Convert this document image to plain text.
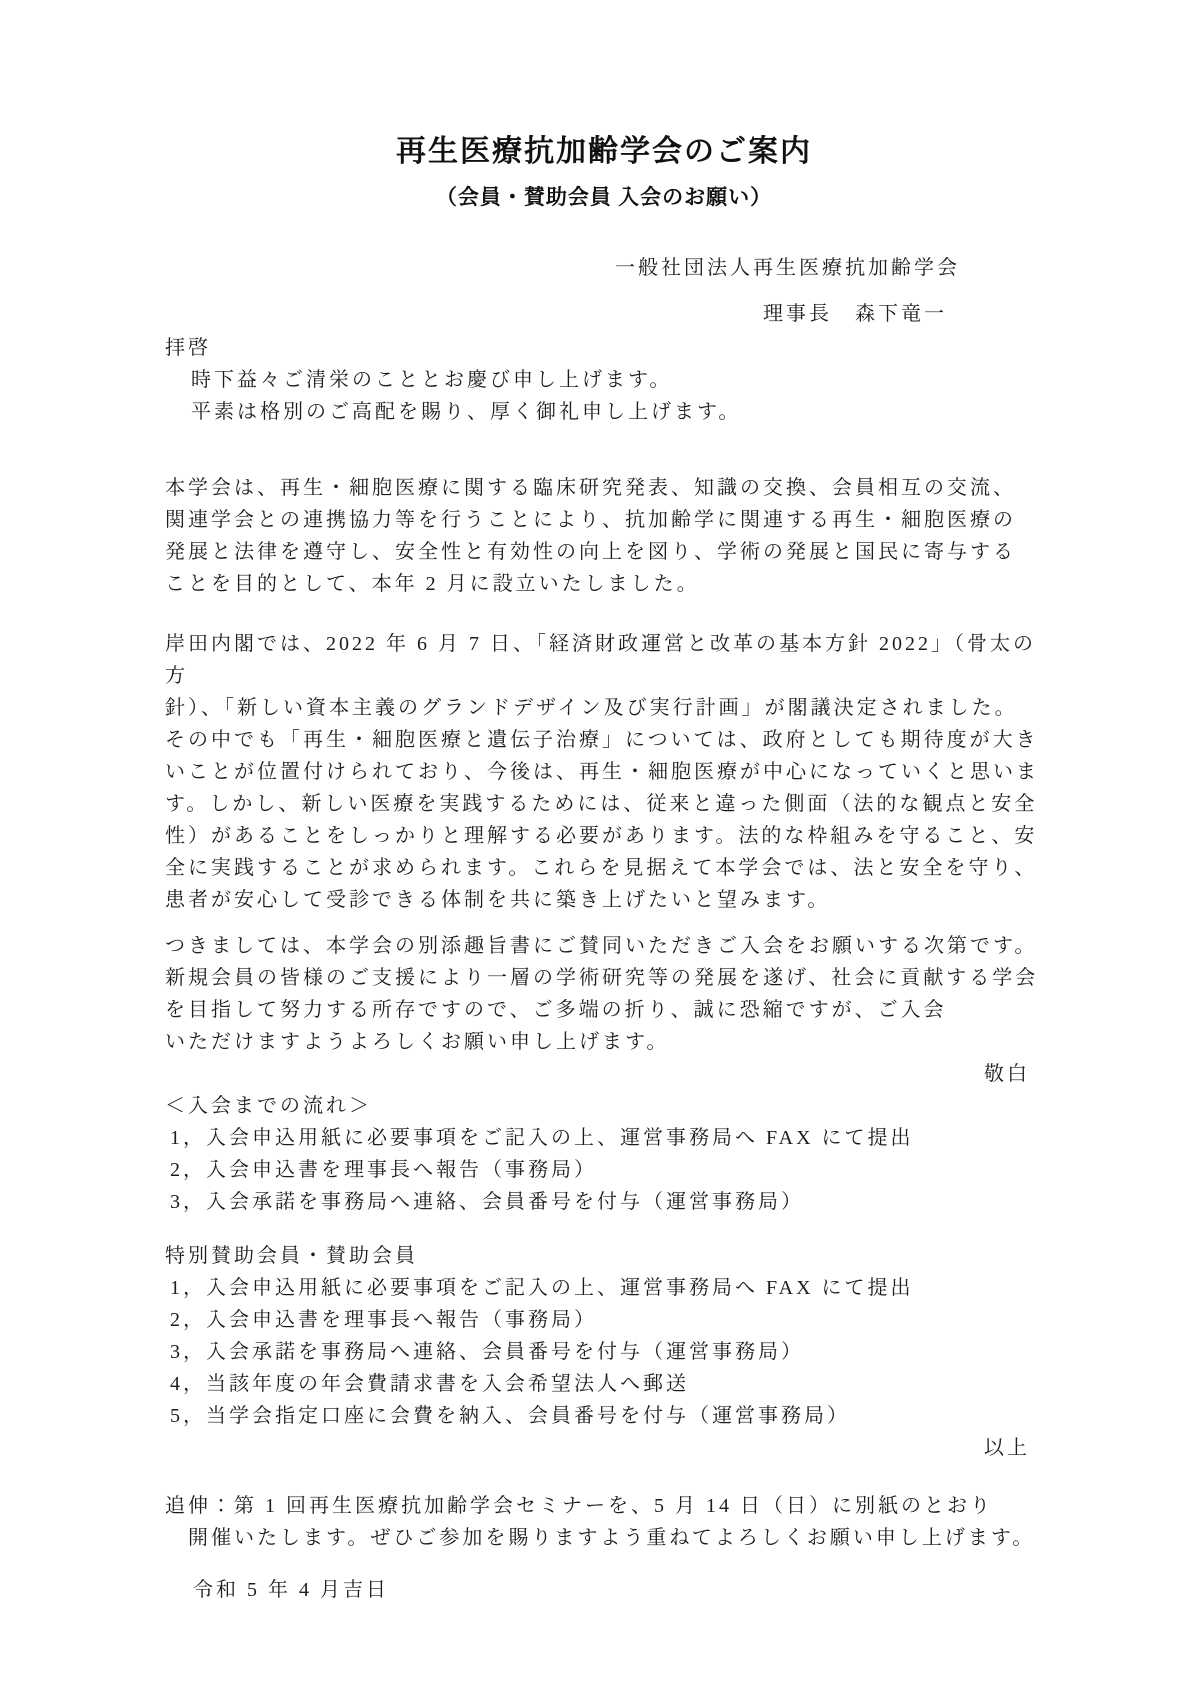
再生医療抗加齢学会のご案内
（会員・賛助会員 入会のお願い）
一般社団法人再生医療抗加齢学会
理事長　森下竜一
拝啓
時下益々ご清栄のこととお慶び申し上げます。
平素は格別のご高配を賜り、厚く御礼申し上げます。
本学会は、再生・細胞医療に関する臨床研究発表、知識の交換、会員相互の交流、
関連学会との連携協力等を行うことにより、抗加齢学に関連する再生・細胞医療の
発展と法律を遵守し、安全性と有効性の向上を図り、学術の発展と国民に寄与する
ことを目的として、本年 2 月に設立いたしました。
岸田内閣では、2022 年 6 月 7 日、「経済財政運営と改革の基本方針 2022」（骨太の方
針）、「新しい資本主義のグランドデザイン及び実行計画」が閣議決定されました。
その中でも「再生・細胞医療と遺伝子治療」については、政府としても期待度が大き
いことが位置付けられており、今後は、再生・細胞医療が中心になっていくと思いま
す。しかし、新しい医療を実践するためには、従来と違った側面（法的な観点と安全
性）があることをしっかりと理解する必要があります。法的な枠組みを守ること、安
全に実践することが求められます。これらを見据えて本学会では、法と安全を守り、
患者が安心して受診できる体制を共に築き上げたいと望みます。
つきましては、本学会の別添趣旨書にご賛同いただきご入会をお願いする次第です。
新規会員の皆様のご支援により一層の学術研究等の発展を遂げ、社会に貢献する学会
を目指して努力する所存ですので、ご多端の折り、誠に恐縮ですが、ご入会
いただけますようよろしくお願い申し上げます。
敬白
＜入会までの流れ＞
1，入会申込用紙に必要事項をご記入の上、運営事務局へ FAX にて提出
2，入会申込書を理事長へ報告（事務局）
3，入会承諾を事務局へ連絡、会員番号を付与（運営事務局）
特別賛助会員・賛助会員
1，入会申込用紙に必要事項をご記入の上、運営事務局へ FAX にて提出
2，入会申込書を理事長へ報告（事務局）
3，入会承諾を事務局へ連絡、会員番号を付与（運営事務局）
4，当該年度の年会費請求書を入会希望法人へ郵送
5，当学会指定口座に会費を納入、会員番号を付与（運営事務局）
以上
追伸：第 1 回再生医療抗加齢学会セミナーを、5 月 14 日（日）に別紙のとおり
　開催いたします。ぜひご参加を賜りますよう重ねてよろしくお願い申し上げます。
令和 5 年 4 月吉日
